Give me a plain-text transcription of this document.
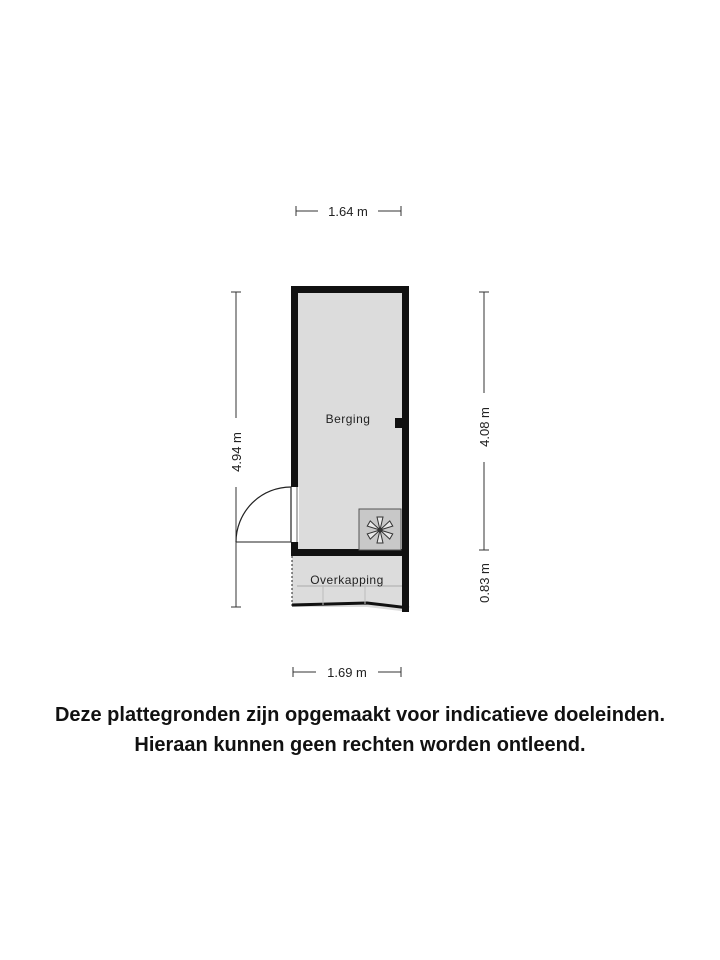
1.64 m
4.94 m
4.08 m
0.83 m
Berging
Overkapping
1.69 m
Deze plattegronden zijn opgemaakt voor indicatieve doeleinden.
Hieraan kunnen geen rechten worden ontleend.
